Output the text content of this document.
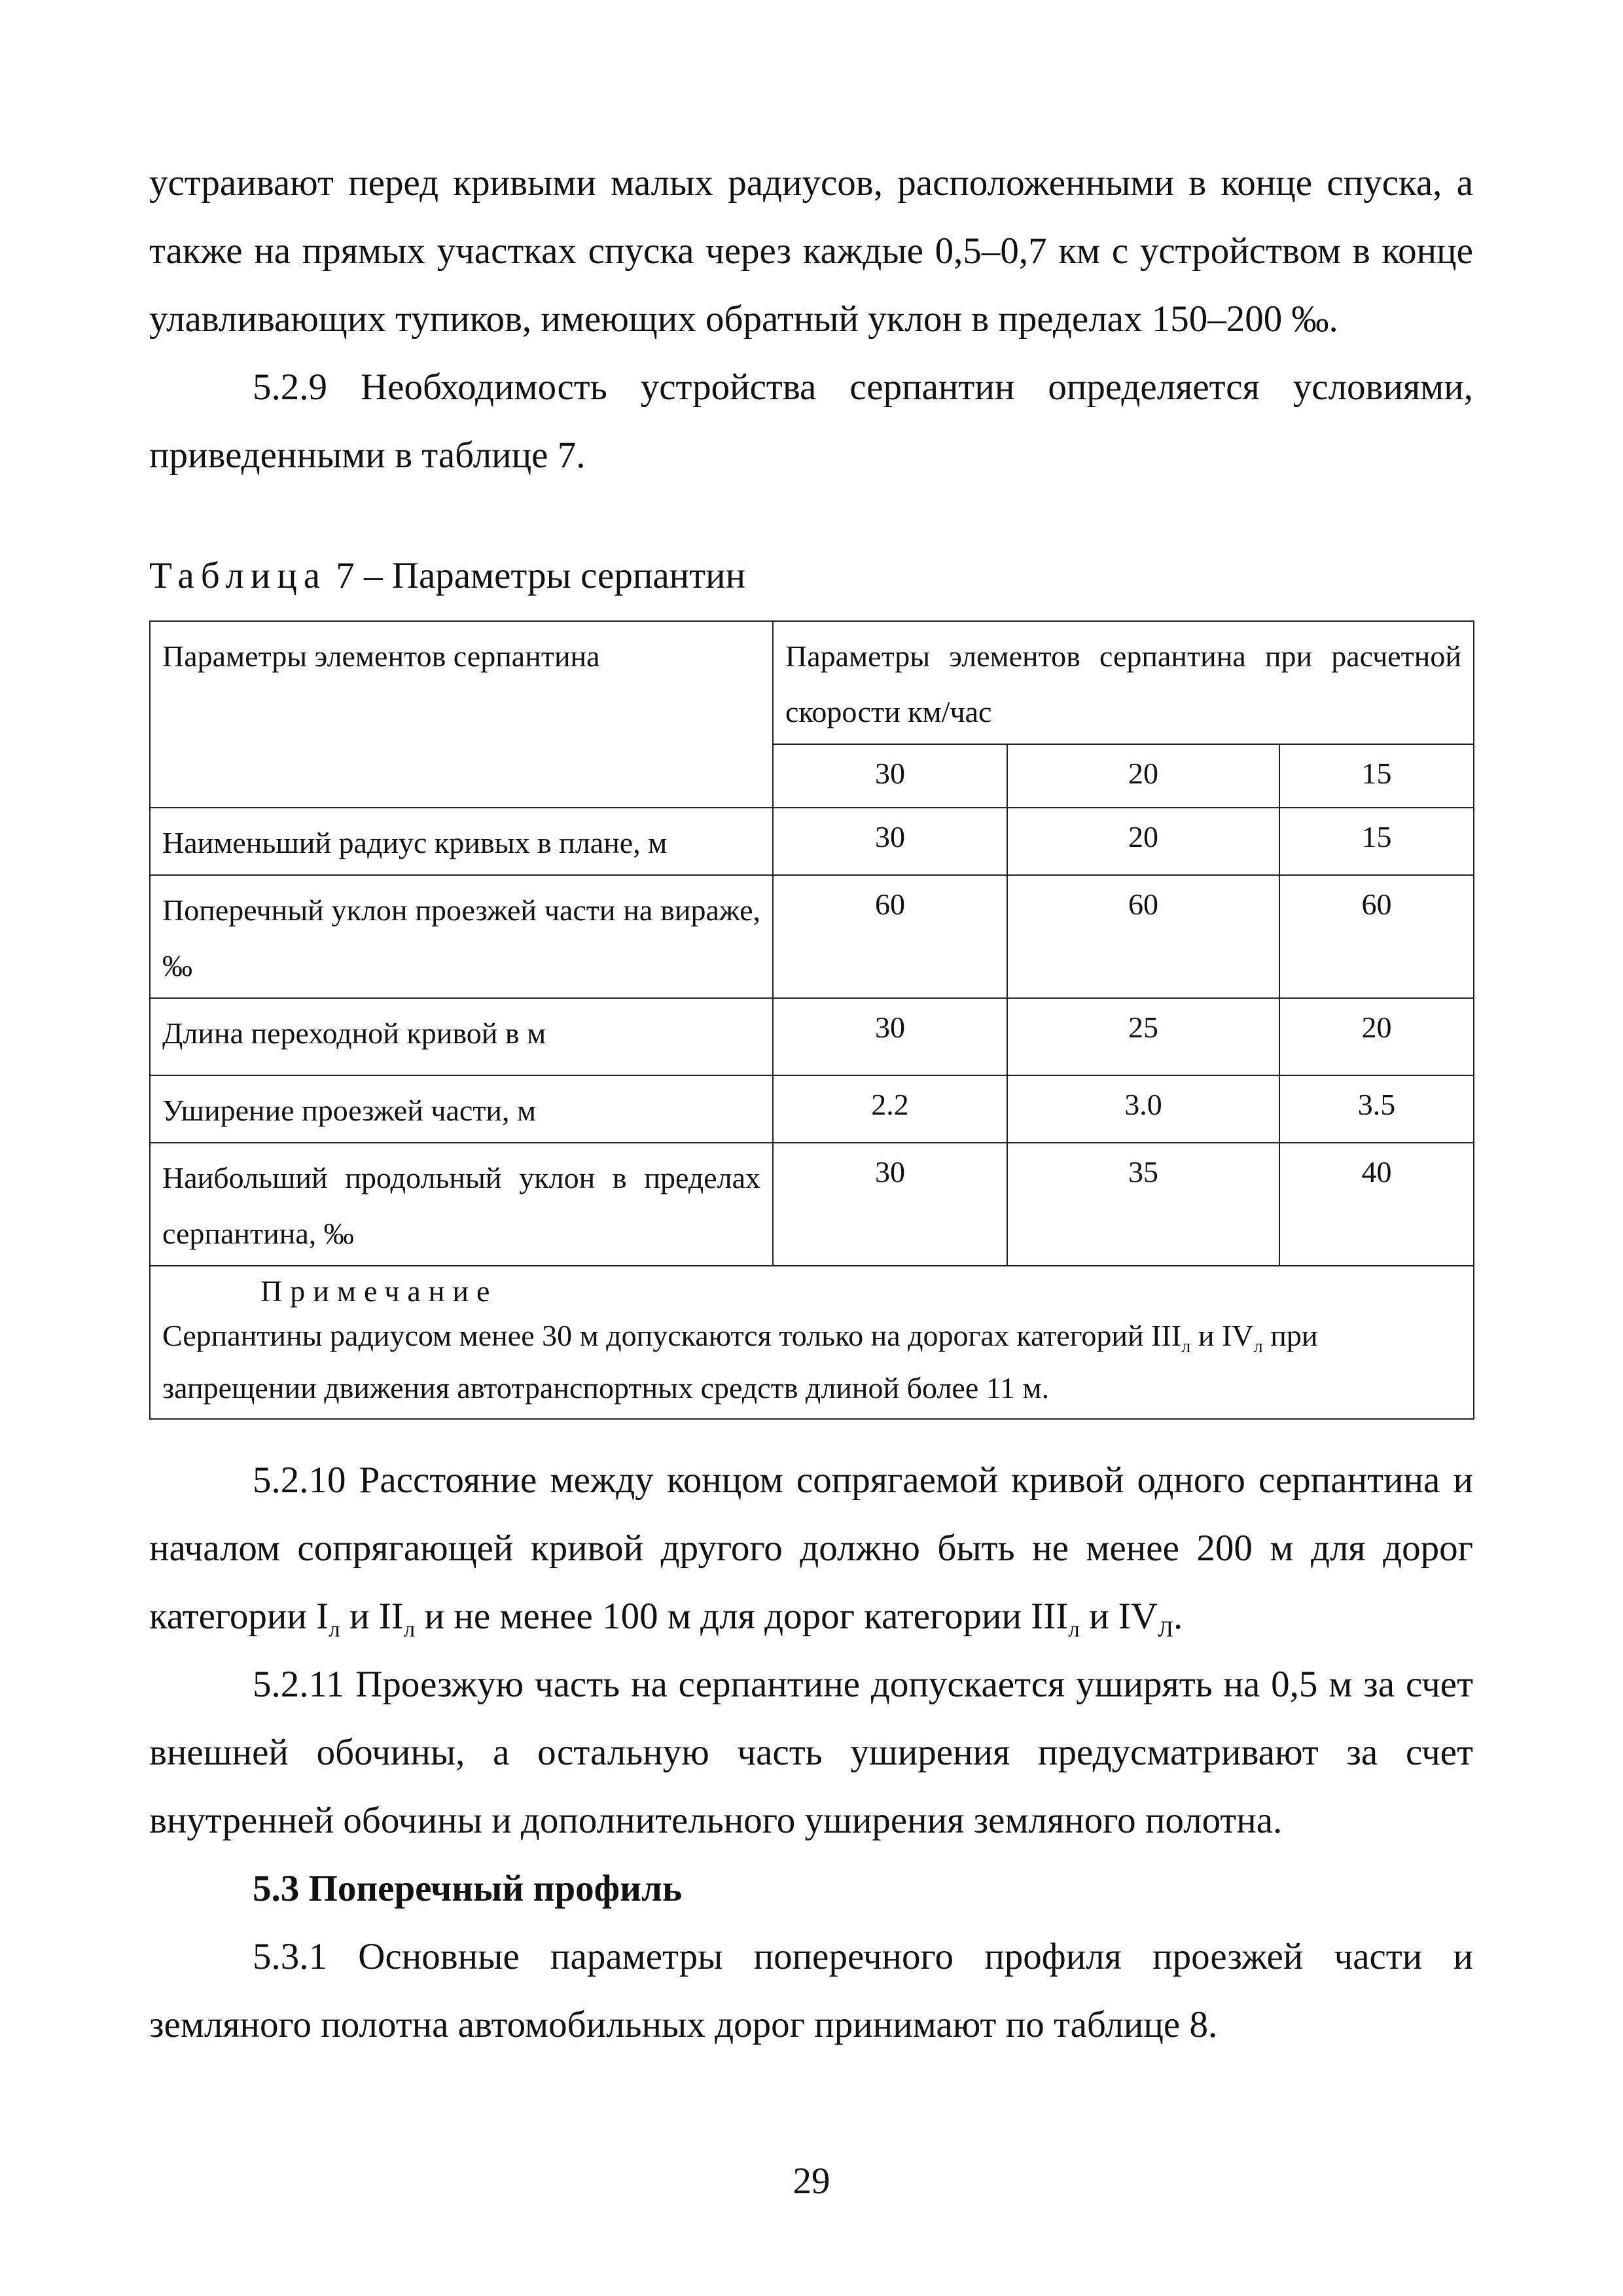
устраивают перед кривыми малых радиусов, расположенными в конце спуска, а также на прямых участках спуска через каждые 0,5–0,7 км с устройством в конце улавливающих тупиков, имеющих обратный уклон в пределах 150–200 ‰.

5.2.9 Необходимость устройства серпантин определяется условиями, приведенными в таблице 7.

Таблица 7 – Параметры серпантин
Параметры элементов серпантина	Параметры элементов серпантина при расчетной скорости км/час		
	30	20	15
Наименьший радиус кривых в плане, м	30	20	15
Поперечный уклон проезжей части на вираже, ‰	60	60	60
Длина переходной кривой в м	30	25	20
Уширение проезжей части, м	2.2	3.0	3.5
Наибольший продольный уклон в пределах серпантина, ‰	30	35	40

Примечание
Серпантины радиусом менее 30 м допускаются только на дорогах категорий $III_л$ и $IV_л$ при запрещении движения автотранспортных средств длиной более 11 м.			

5.2.10 Расстояние между концом сопрягаемой кривой одного серпантина и началом сопрягающей кривой другого должно быть не менее 200 м для дорог категории $I_л$ и $II_л$ и не менее 100 м для дорог категории $III_л$ и $IV_Л$.

5.2.11 Проезжую часть на серпантине допускается уширять на 0,5 м за счет внешней обочины, а остальную часть уширения предусматривают за счет внутренней обочины и дополнительного уширения земляного полотна.

5.3 Поперечный профиль

5.3.1 Основные параметры поперечного профиля проезжей части и земляного полотна автомобильных дорог принимают по таблице 8.

29
